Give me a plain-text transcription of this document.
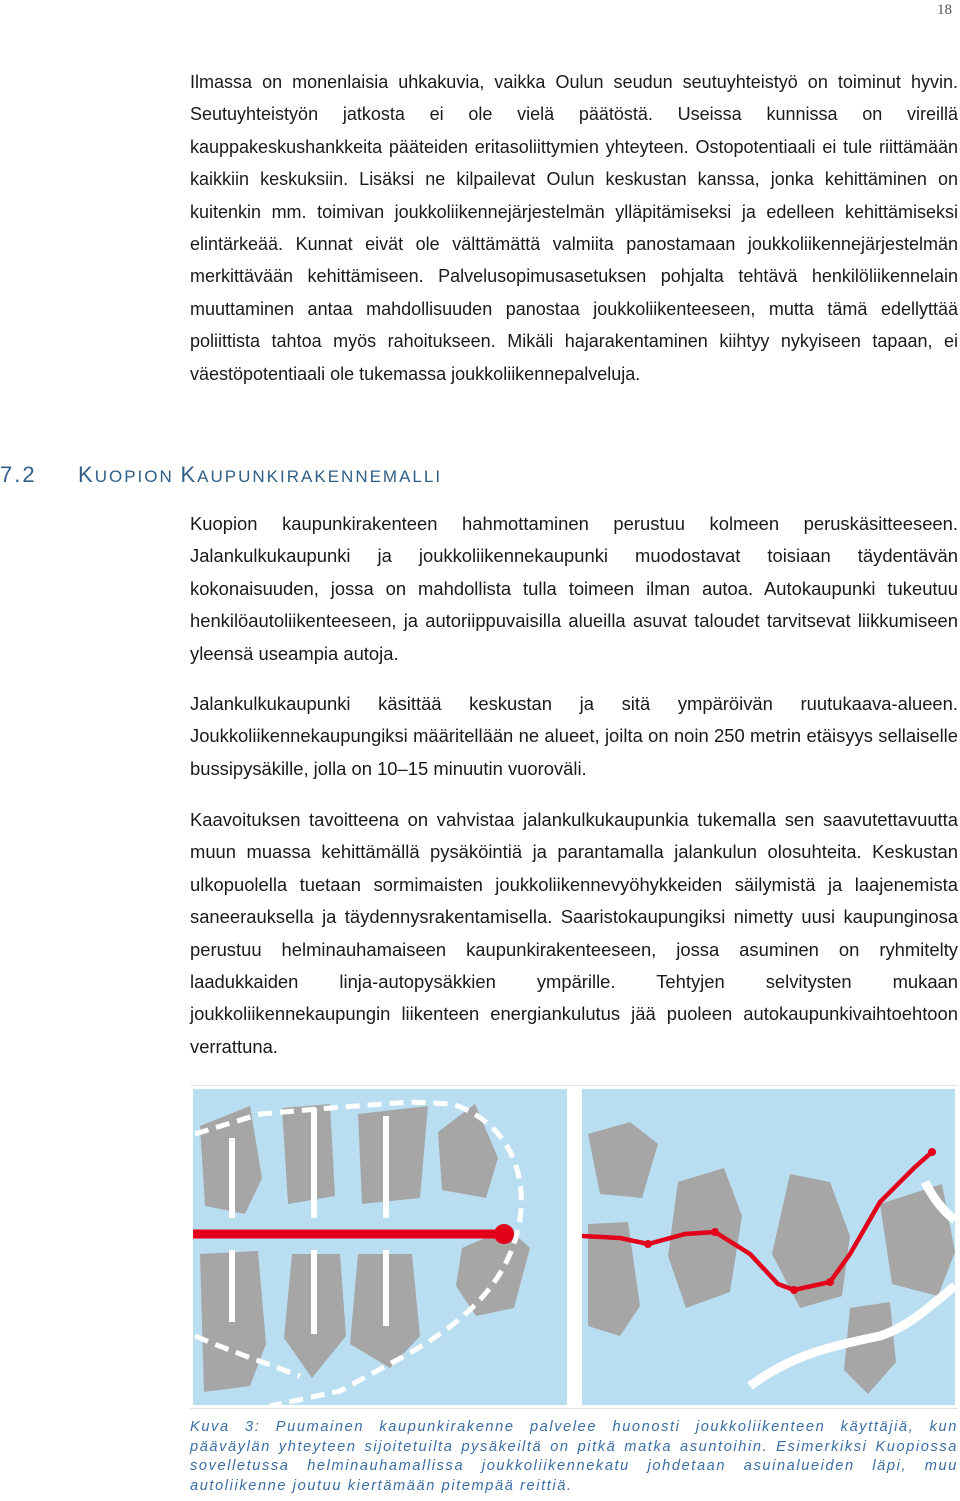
18

Ilmassa on monenlaisia uhkakuvia, vaikka Oulun seudun seutuyhteistyö on toiminut hyvin. Seutuyhteistyön jatkosta ei ole vielä päätöstä. Useissa kunnissa on vireillä kauppakeskushankkeita pääteiden eritasoliittymien yhteyteen. Ostopotentiaali ei tule riittämään kaikkiin keskuksiin. Lisäksi ne kilpailevat Oulun keskustan kanssa, jonka kehittäminen on kuitenkin mm. toimivan joukkoliikennejärjestelmän ylläpitämiseksi ja edelleen kehittämiseksi elintärkeää. Kunnat eivät ole välttämättä valmiita panostamaan joukkoliikennejärjestelmän merkittävään kehittämiseen. Palvelusopimusasetuksen pohjalta tehtävä henkilöliikennelain muuttaminen antaa mahdollisuuden panostaa joukkoliikenteeseen, mutta tämä edellyttää poliittista tahtoa myös rahoitukseen. Mikäli hajarakentaminen kiihtyy nykyiseen tapaan, ei väestöpotentiaali ole tukemassa joukkoliikennepalveluja.

7.2 KUOPION KAUPUNKIRAKENNEMALLI

Kuopion kaupunkirakenteen hahmottaminen perustuu kolmeen peruskäsitteeseen. Jalankulkukaupunki ja joukkoliikennekaupunki muodostavat toisiaan täydentävän kokonaisuuden, jossa on mahdollista tulla toimeen ilman autoa. Autokaupunki tukeutuu henkilöautoliikenteeseen, ja autoriippuvaisilla alueilla asuvat taloudet tarvitsevat liikkumiseen yleensä useampia autoja.

Jalankulkukaupunki käsittää keskustan ja sitä ympäröivän ruutukaava-alueen. Joukkoliikennekaupungiksi määritellään ne alueet, joilta on noin 250 metrin etäisyys sellaiselle bussipysäkille, jolla on 10–15 minuutin vuoroväli.

Kaavoituksen tavoitteena on vahvistaa jalankulkukaupunkia tukemalla sen saavutettavuutta muun muassa kehittämällä pysäköintiä ja parantamalla jalankulun olosuhteita. Keskustan ulkopuolella tuetaan sormimaisten joukkoliikennevyöhykkeiden säilymistä ja laajenemista saneerauksella ja täydennysrakentamisella. Saaristokaupungiksi nimetty uusi kaupunginosa perustuu helminauhamaiseen kaupunkirakenteeseen, jossa asuminen on ryhmitelty laadukkaiden linja-autopysäkkien ympärille. Tehtyjen selvitysten mukaan joukkoliikennekaupungin liikenteen energiankulutus jää puoleen autokaupunkivaihtoehtoon verrattuna.

Kuva 3: Puumainen kaupunkirakenne palvelee huonosti joukkoliikenteen käyttäjiä, kun pääväylän yhteyteen sijoitetuilta pysäkeiltä on pitkä matka asuntoihin. Esimerkiksi Kuopiossa sovelletussa helminauhamallissa joukkoliikennekatu johdetaan asuinalueiden läpi, muu autoliikenne joutuu kiertämään pitempää reittiä.
